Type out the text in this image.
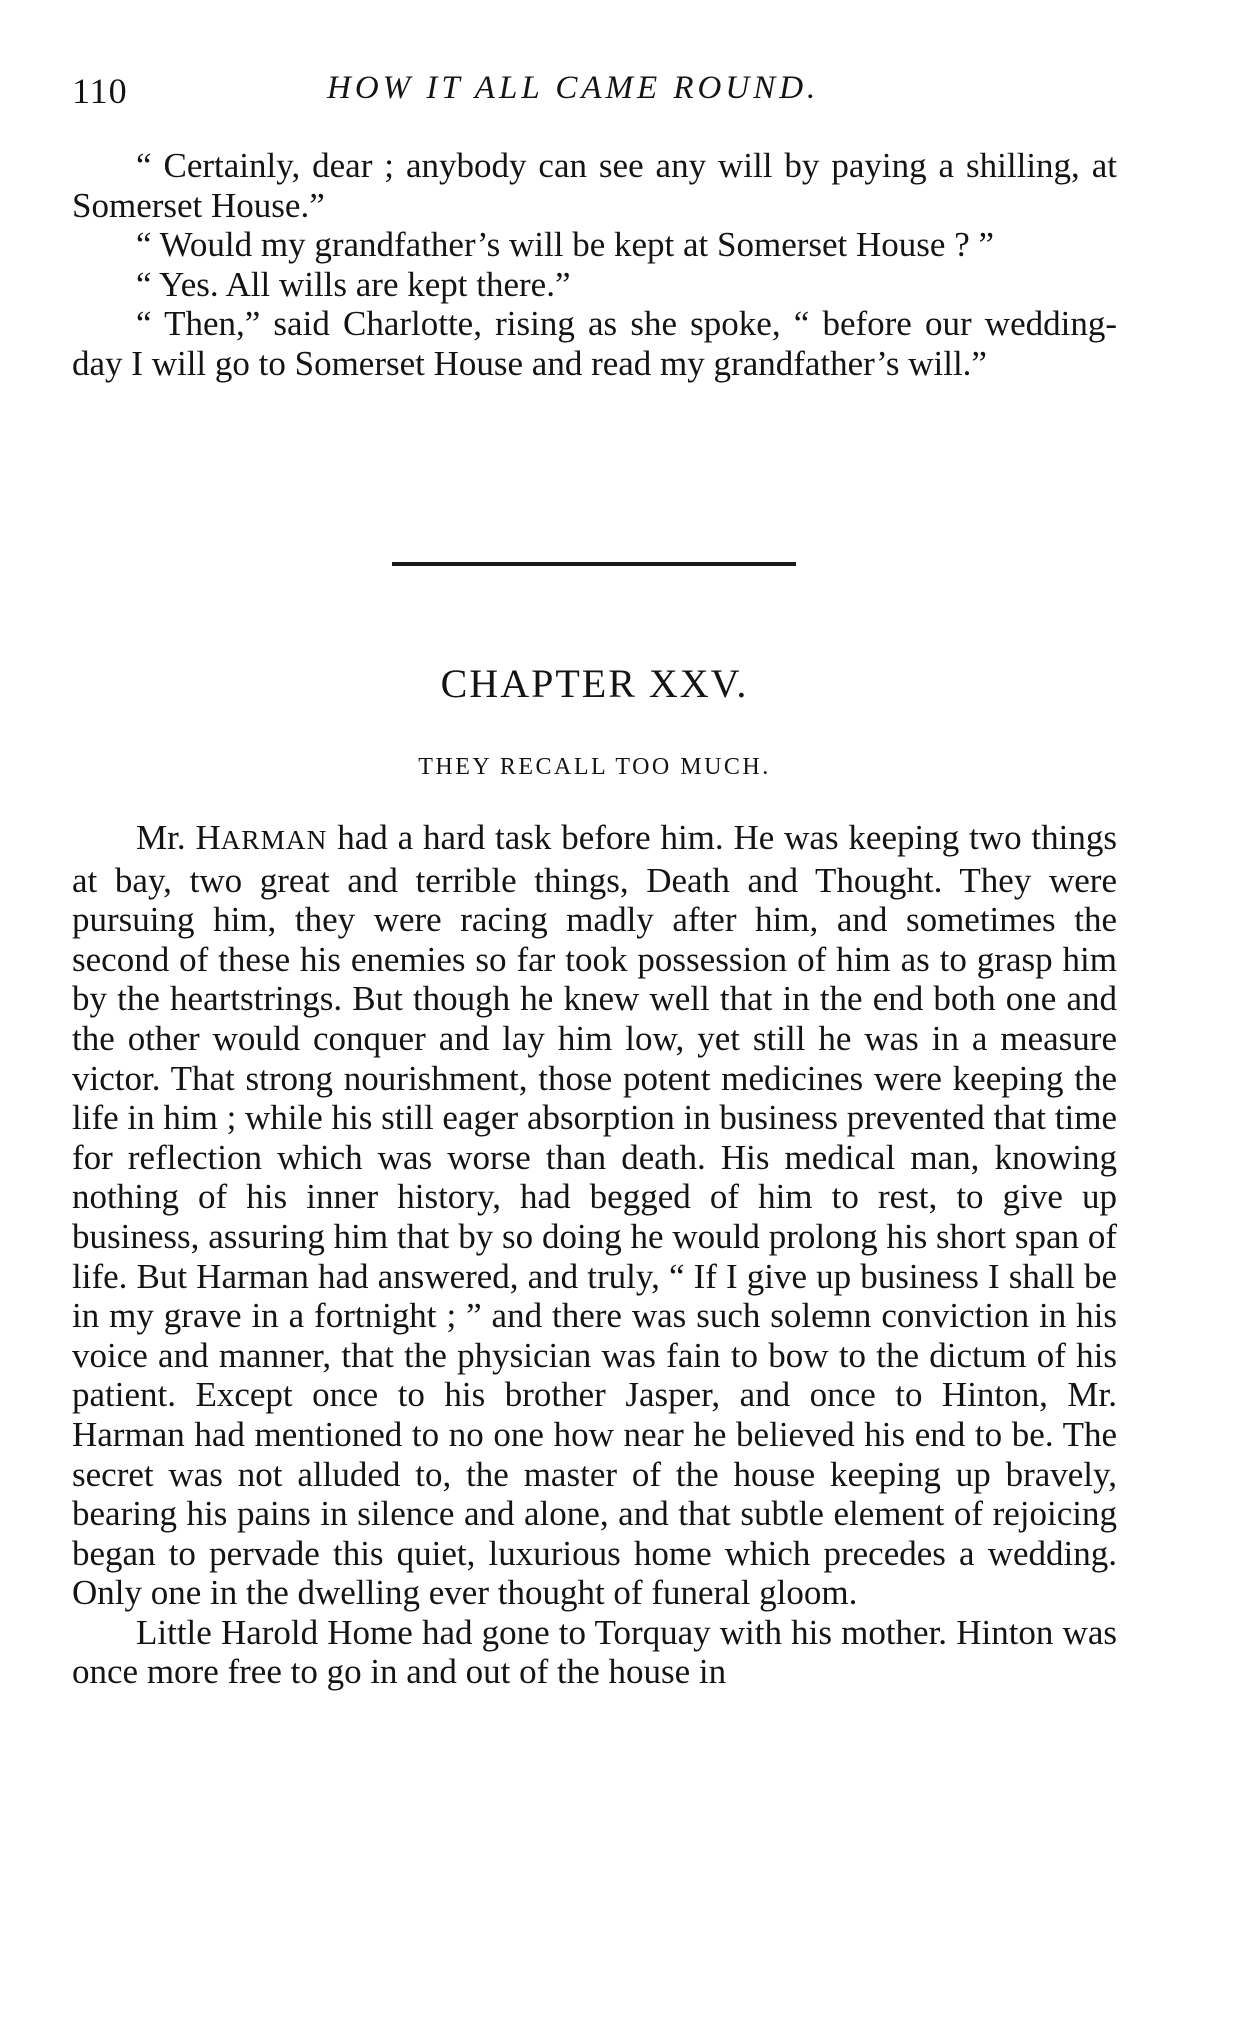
110	HOW IT ALL CAME ROUND.

“ Certainly, dear ; anybody can see any will by paying a shilling, at Somerset House.”

“ Would my grandfather’s will be kept at Somerset House ? ”

“ Yes. All wills are kept there.”

“ Then,” said Charlotte, rising as she spoke, “ before our wedding-day I will go to Somerset House and read my grandfather’s will.”

CHAPTER XXV.
THEY RECALL TOO MUCH.

Mr. HARMAN had a hard task before him. He was keeping two things at bay, two great and terrible things, Death and Thought. They were pursuing him, they were racing madly after him, and sometimes the second of these his enemies so far took possession of him as to grasp him by the heartstrings. But though he knew well that in the end both one and the other would conquer and lay him low, yet still he was in a measure victor. That strong nourishment, those potent medicines were keeping the life in him ; while his still eager absorption in business prevented that time for reflection which was worse than death. His medical man, knowing nothing of his inner history, had begged of him to rest, to give up business, assuring him that by so doing he would prolong his short span of life. But Harman had answered, and truly, “ If I give up business I shall be in my grave in a fortnight ; ” and there was such solemn conviction in his voice and manner, that the physician was fain to bow to the dictum of his patient. Except once to his brother Jasper, and once to Hinton, Mr. Harman had mentioned to no one how near he believed his end to be. The secret was not alluded to, the master of the house keeping up bravely, bearing his pains in silence and alone, and that subtle element of rejoicing began to pervade this quiet, luxurious home which precedes a wedding. Only one in the dwelling ever thought of funeral gloom.

Little Harold Home had gone to Torquay with his mother. Hinton was once more free to go in and out of the house in
